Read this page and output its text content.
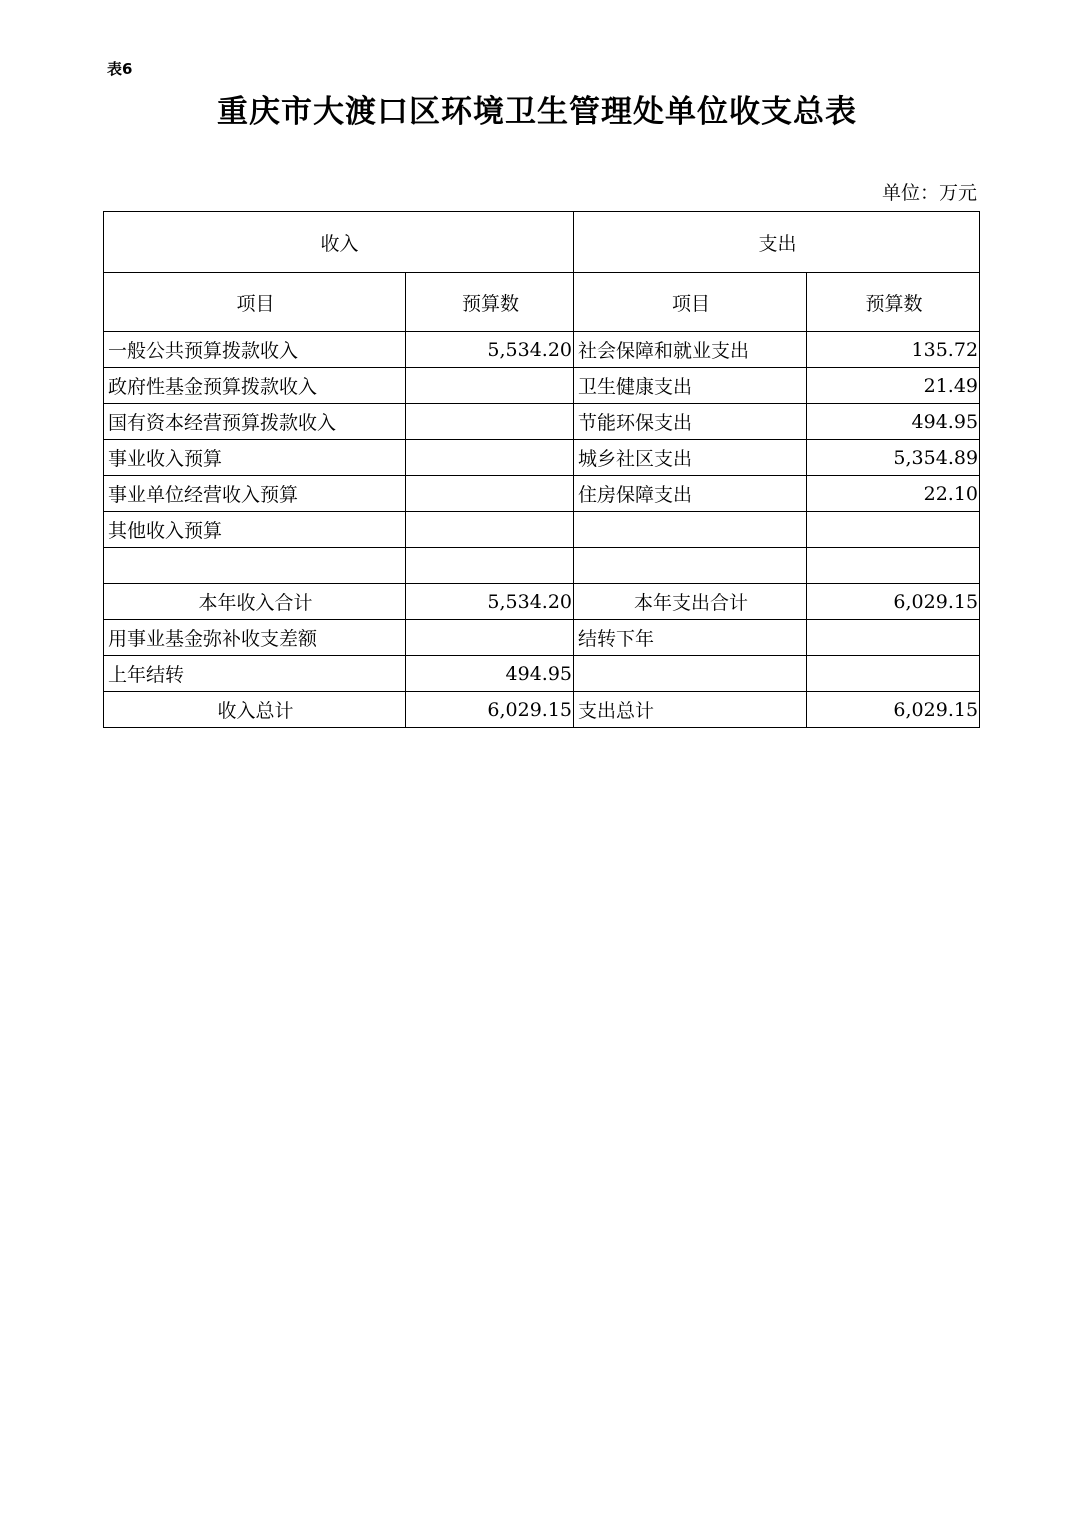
表6
重庆市大渡口区环境卫生管理处单位收支总表
单位：万元
收入		支出	
项目	预算数	项目	预算数
一般公共预算拨款收入	5,534.20	社会保障和就业支出	135.72
政府性基金预算拨款收入		卫生健康支出	21.49
国有资本经营预算拨款收入		节能环保支出	494.95
事业收入预算		城乡社区支出	5,354.89
事业单位经营收入预算		住房保障支出	22.10
其他收入预算			

本年收入合计	5,534.20	本年支出合计	6,029.15
用事业基金弥补收支差额		结转下年	
上年结转	494.95		
收入总计	6,029.15	支出总计	6,029.15
